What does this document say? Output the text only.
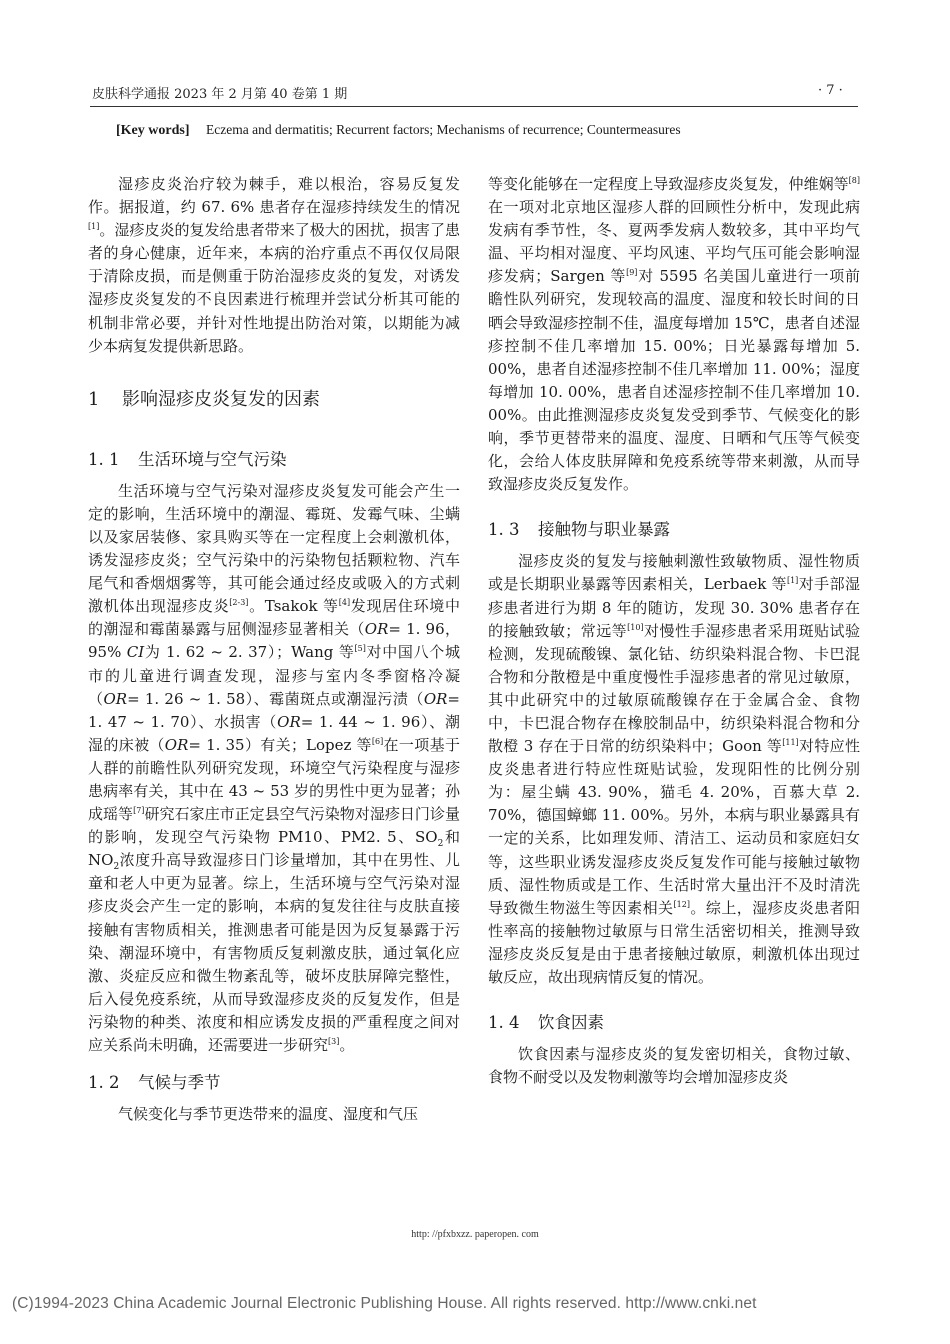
皮肤科学通报 2023 年 2 月第 40 卷第 1 期	· 7 ·
[Key words] Eczema and dermatitis; Recurrent factors; Mechanisms of recurrence; Countermeasures

湿疹皮炎治疗较为棘手，难以根治，容易反复发作。据报道，约 67. 6% 患者存在湿疹持续发生的情况[1]。湿疹皮炎的复发给患者带来了极大的困扰，损害了患者的身心健康，近年来，本病的治疗重点不再仅仅局限于清除皮损，而是侧重于防治湿疹皮炎的复发，对诱发湿疹皮炎复发的不良因素进行梳理并尝试分析其可能的机制非常必要，并针对性地提出防治对策，以期能为减少本病复发提供新思路。

1 影响湿疹皮炎复发的因素
1. 1 生活环境与空气污染

生活环境与空气污染对湿疹皮炎复发可能会产生一定的影响，生活环境中的潮湿、霉斑、发霉气味、尘螨以及家居装修、家具购买等在一定程度上会刺激机体，诱发湿疹皮炎；空气污染中的污染物包括颗粒物、汽车尾气和香烟烟雾等，其可能会通过经皮或吸入的方式刺激机体出现湿疹皮炎[2-3]。Tsakok 等[4]发现居住环境中的潮湿和霉菌暴露与屈侧湿疹显著相关（OR= 1. 96，95% CI为 1. 62 ~ 2. 37）；Wang 等[5]对中国八个城市的儿童进行调查发现，湿疹与室内冬季窗格冷凝（OR= 1. 26 ~ 1. 58）、霉菌斑点或潮湿污渍（OR= 1. 47 ~ 1. 70）、水损害（OR= 1. 44 ~ 1. 96）、潮湿的床被（OR= 1. 35）有关；Lopez 等[6]在一项基于人群的前瞻性队列研究发现，环境空气污染程度与湿疹患病率有关，其中在 43 ~ 53 岁的男性中更为显著；孙成瑶等[7]研究石家庄市正定县空气污染物对湿疹日门诊量的影响，发现空气污染物 PM10、PM2. 5、$SO_2$和 $NO_2$浓度升高导致湿疹日门诊量增加，其中在男性、儿童和老人中更为显著。综上，生活环境与空气污染对湿疹皮炎会产生一定的影响，本病的复发往往与皮肤直接接触有害物质相关，推测患者可能是因为反复暴露于污染、潮湿环境中，有害物质反复刺激皮肤，通过氧化应激、炎症反应和微生物紊乱等，破坏皮肤屏障完整性，后入侵免疫系统，从而导致湿疹皮炎的反复发作，但是污染物的种类、浓度和相应诱发皮损的严重程度之间对应关系尚未明确，还需要进一步研究[3]。

1. 2 气候与季节

气候变化与季节更迭带来的温度、湿度和气压

等变化能够在一定程度上导致湿疹皮炎复发，仲维娴等[8]在一项对北京地区湿疹人群的回顾性分析中，发现此病发病有季节性，冬、夏两季发病人数较多，其中平均气温、平均相对湿度、平均风速、平均气压可能会影响湿疹发病；Sargen 等[9]对 5595 名美国儿童进行一项前瞻性队列研究，发现较高的温度、湿度和较长时间的日晒会导致湿疹控制不佳，温度每增加 15℃，患者自述湿疹控制不佳几率增加 15. 00%；日光暴露每增加 5. 00%，患者自述湿疹控制不佳几率增加 11. 00%；湿度每增加 10. 00%，患者自述湿疹控制不佳几率增加 10. 00%。由此推测湿疹皮炎复发受到季节、气候变化的影响，季节更替带来的温度、湿度、日晒和气压等气候变化，会给人体皮肤屏障和免疫系统等带来刺激，从而导致湿疹皮炎反复发作。

1. 3 接触物与职业暴露

湿疹皮炎的复发与接触刺激性致敏物质、湿性物质或是长期职业暴露等因素相关，Lerbaek 等[1]对手部湿疹患者进行为期 8 年的随访，发现 30. 30% 患者存在的接触致敏；常远等[10]对慢性手湿疹患者采用斑贴试验检测，发现硫酸镍、氯化钴、纺织染料混合物、卡巴混合物和分散橙是中重度慢性手湿疹患者的常见过敏原，其中此研究中的过敏原硫酸镍存在于金属合金、食物中，卡巴混合物存在橡胶制品中，纺织染料混合物和分散橙 3 存在于日常的纺织染料中；Goon 等[11]对特应性皮炎患者进行特应性斑贴试验，发现阳性的比例分别为：屋尘螨 43. 90%，猫毛 4. 20%，百慕大草 2. 70%，德国蟑螂 11. 00%。另外，本病与职业暴露具有一定的关系，比如理发师、清洁工、运动员和家庭妇女等，这些职业诱发湿疹皮炎反复发作可能与接触过敏物质、湿性物质或是工作、生活时常大量出汗不及时清洗导致微生物滋生等因素相关[12]。综上，湿疹皮炎患者阳性率高的接触物过敏原与日常生活密切相关，推测导致湿疹皮炎反复是由于患者接触过敏原，刺激机体出现过敏反应，故出现病情反复的情况。

1. 4 饮食因素

饮食因素与湿疹皮炎的复发密切相关，食物过敏、食物不耐受以及发物刺激等均会增加湿疹皮炎

http: //pfxbxzz. paperopen. com
(C)1994-2023 China Academic Journal Electronic Publishing House. All rights reserved. http://www.cnki.net
